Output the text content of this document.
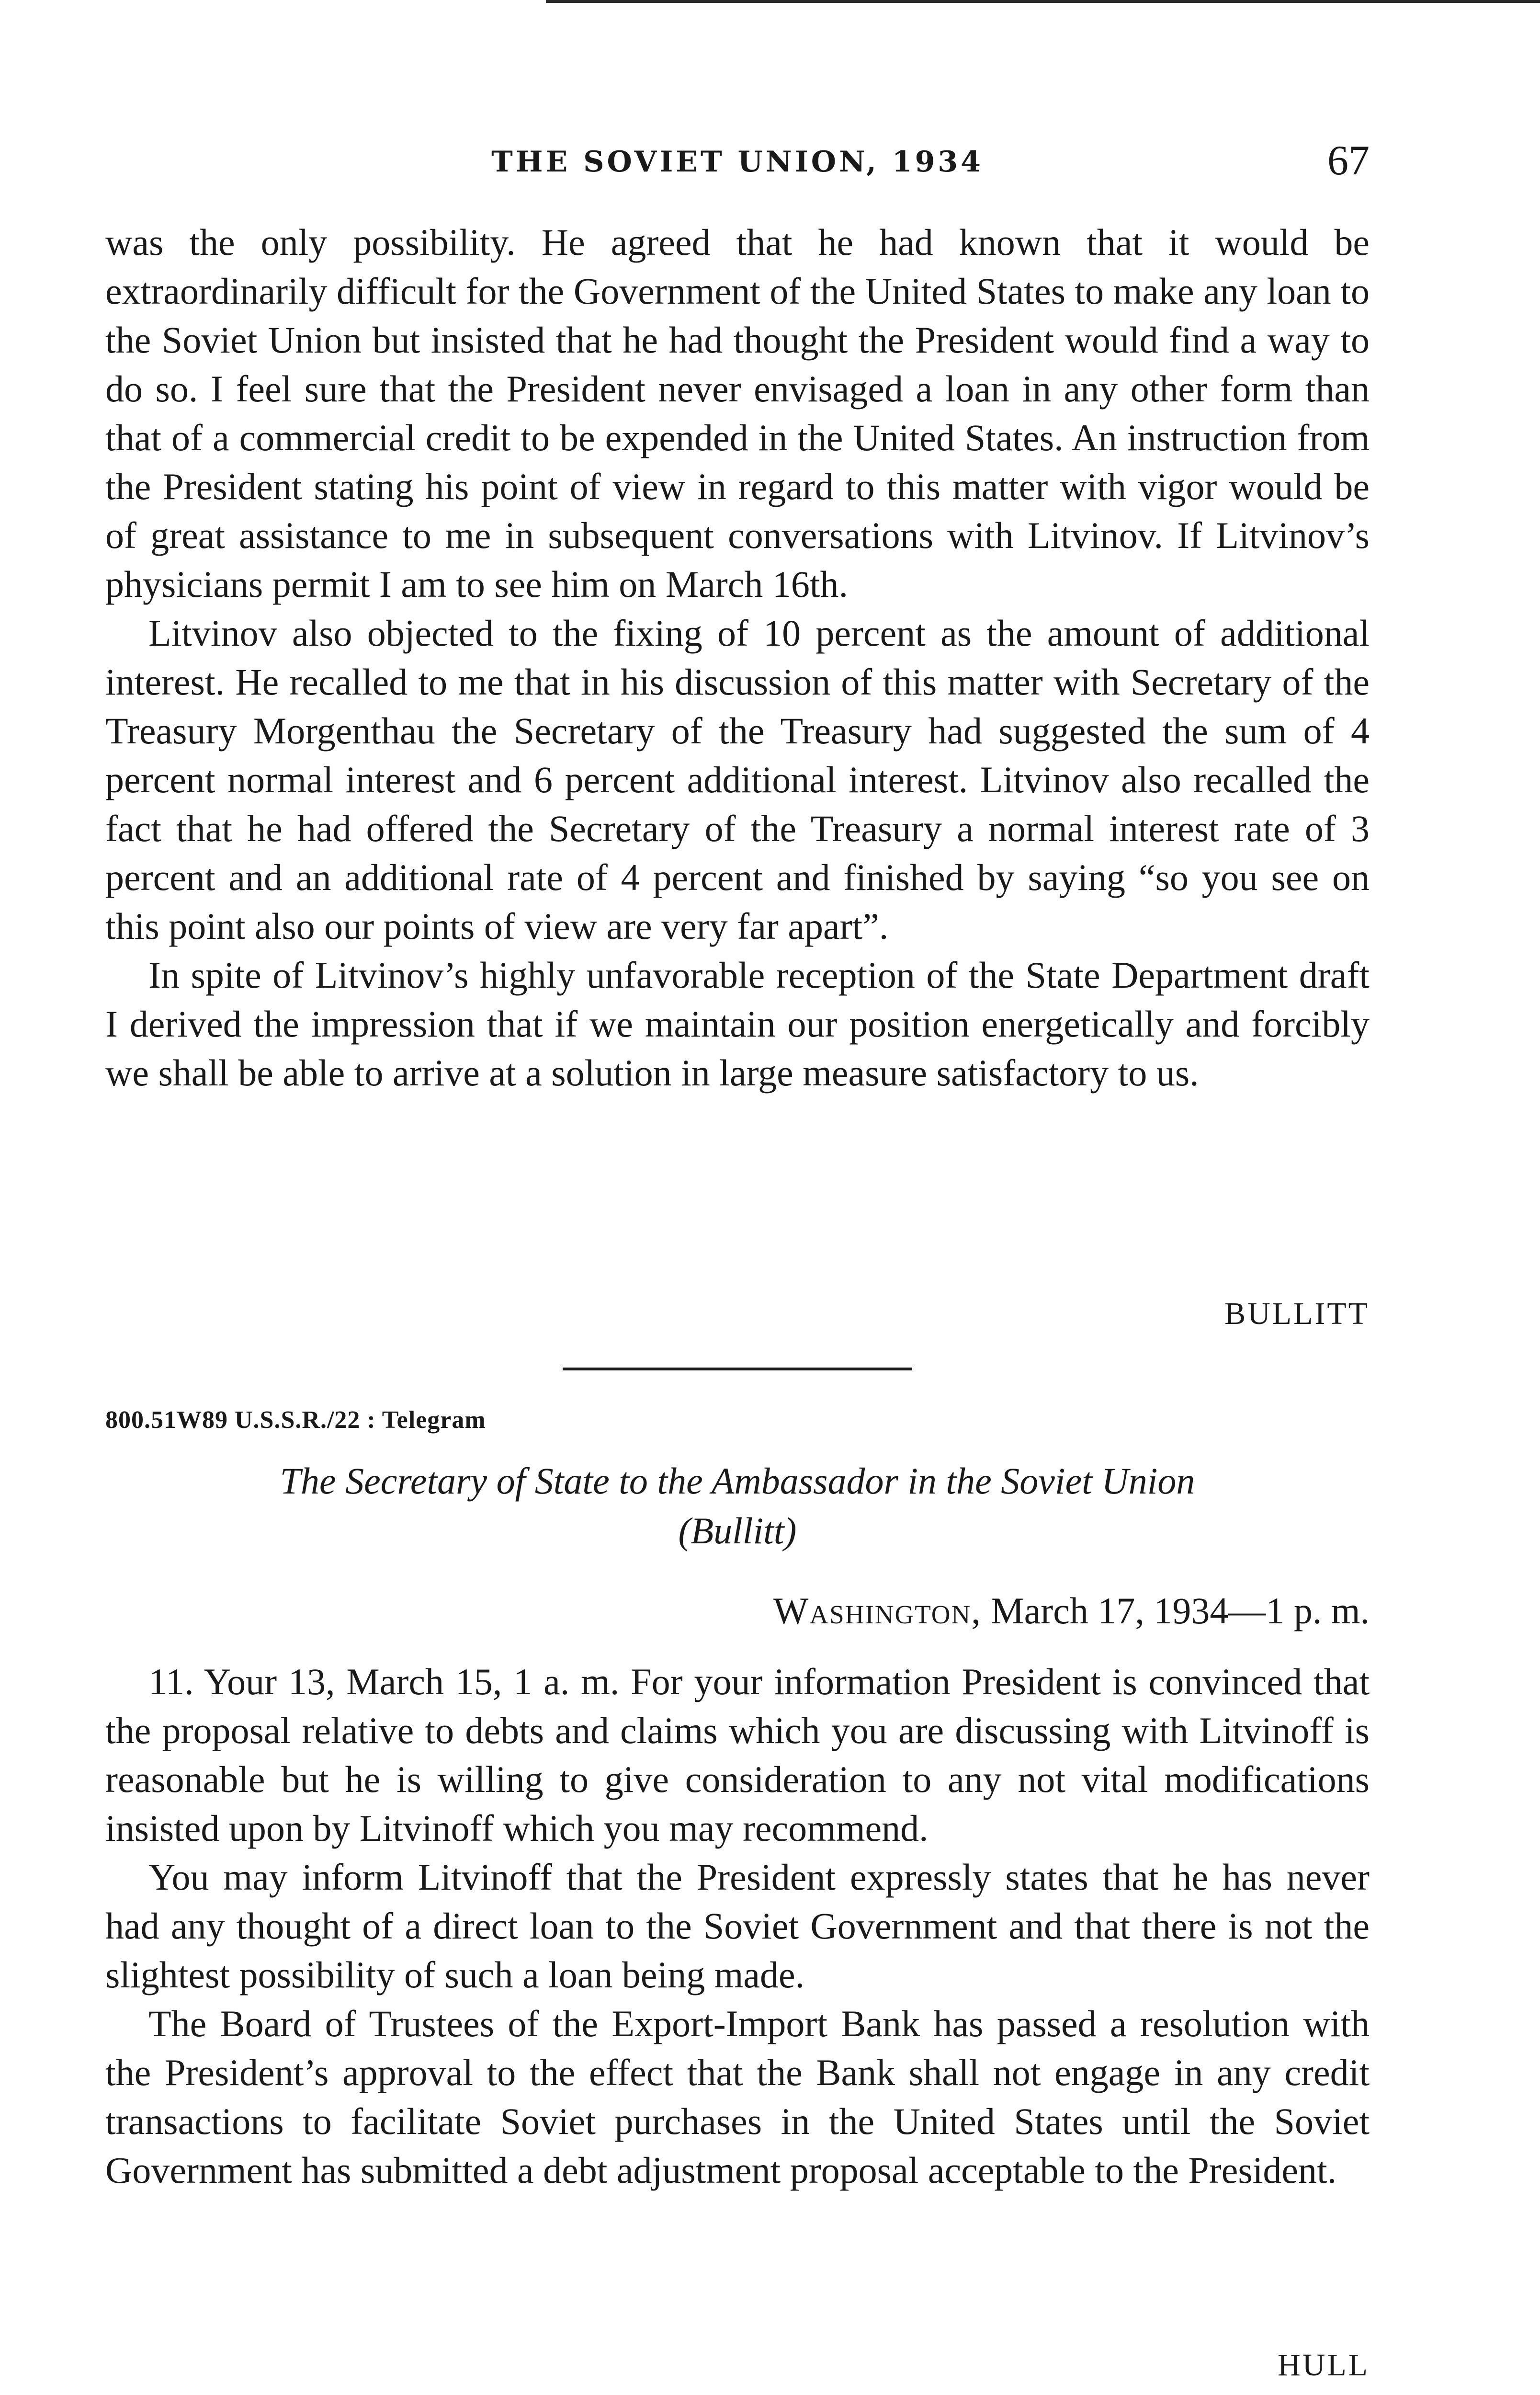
THE SOVIET UNION, 1934	67

was the only possibility. He agreed that he had known that it would be extraordinarily difficult for the Government of the United States to make any loan to the Soviet Union but insisted that he had thought the President would find a way to do so. I feel sure that the President never envisaged a loan in any other form than that of a commercial credit to be expended in the United States. An instruction from the President stating his point of view in regard to this matter with vigor would be of great assistance to me in subsequent conversations with Litvinov. If Litvinov’s physicians permit I am to see him on March 16th.

Litvinov also objected to the fixing of 10 percent as the amount of additional interest. He recalled to me that in his discussion of this matter with Secretary of the Treasury Morgenthau the Secretary of the Treasury had suggested the sum of 4 percent normal interest and 6 percent additional interest. Litvinov also recalled the fact that he had offered the Secretary of the Treasury a normal interest rate of 3 percent and an additional rate of 4 percent and finished by saying “so you see on this point also our points of view are very far apart”.

In spite of Litvinov’s highly unfavorable reception of the State Department draft I derived the impression that if we maintain our position energetically and forcibly we shall be able to arrive at a solution in large measure satisfactory to us.

BULLITT
800.51W89 U.S.S.R./22 : Telegram
The Secretary of State to the Ambassador in the Soviet Union
(Bullitt)
Washington, March 17, 1934—1 p. m.

11. Your 13, March 15, 1 a. m. For your information President is convinced that the proposal relative to debts and claims which you are discussing with Litvinoff is reasonable but he is willing to give consideration to any not vital modifications insisted upon by Litvinoff which you may recommend.

You may inform Litvinoff that the President expressly states that he has never had any thought of a direct loan to the Soviet Government and that there is not the slightest possibility of such a loan being made.

The Board of Trustees of the Export-Import Bank has passed a resolution with the President’s approval to the effect that the Bank shall not engage in any credit transactions to facilitate Soviet purchases in the United States until the Soviet Government has submitted a debt adjustment proposal acceptable to the President.

HULL
